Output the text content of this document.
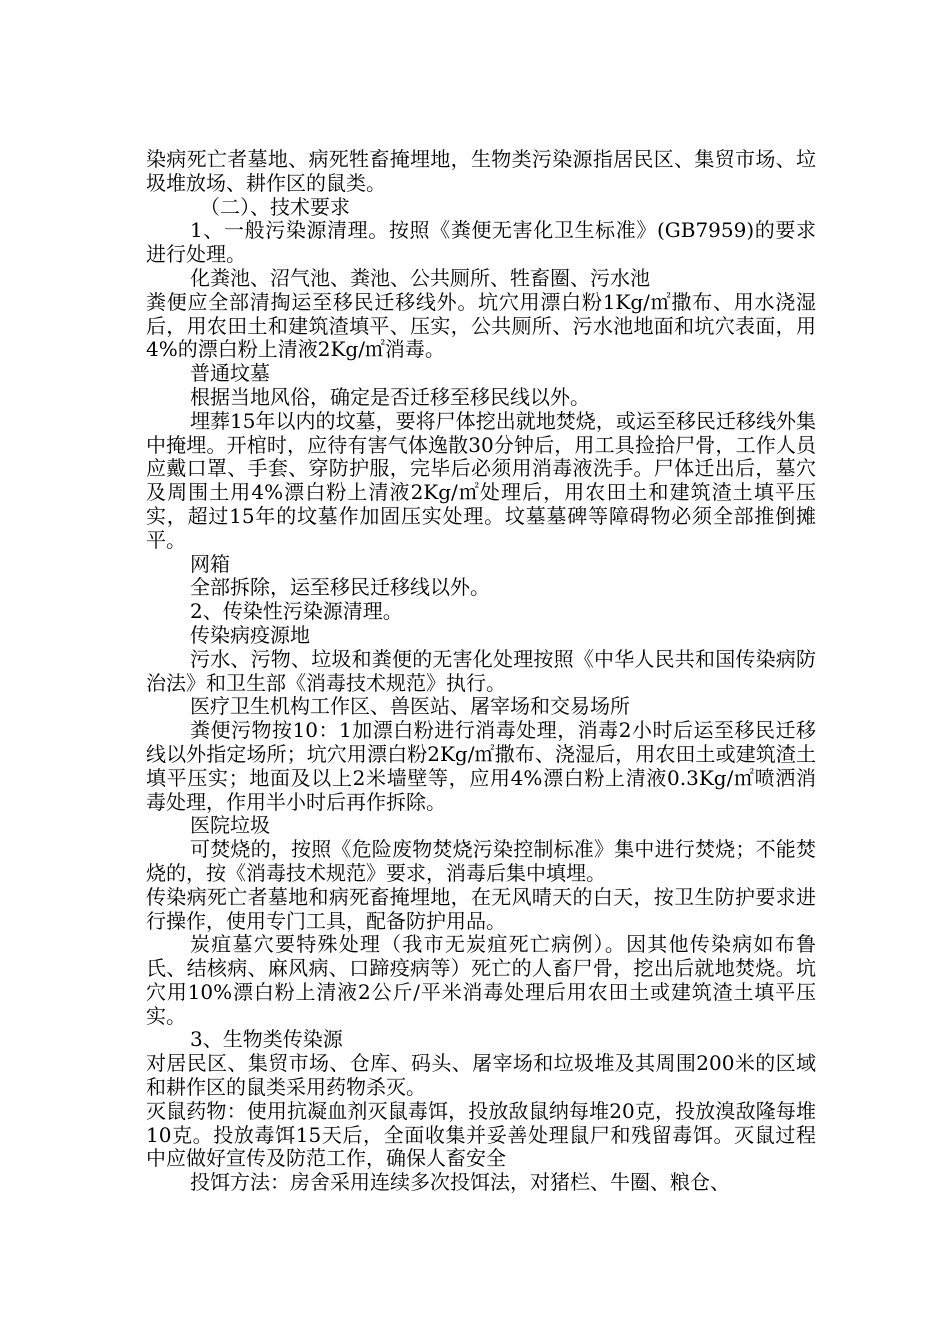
染病死亡者墓地、病死牲畜掩埋地，生物类污染源指居民区、集贸市场、垃圾堆放场、耕作区的鼠类。

（二）、技术要求

1、一般污染源清理。按照《粪便无害化卫生标准》(GB7959)的要求进行处理。

化粪池、沼气池、粪池、公共厕所、牲畜圈、污水池

粪便应全部清掏运至移民迁移线外。坑穴用漂白粉1Kg/㎡撒布、用水浇湿后，用农田土和建筑渣填平、压实，公共厕所、污水池地面和坑穴表面，用4%的漂白粉上清液2Kg/㎡消毒。

普通坟墓

根据当地风俗，确定是否迁移至移民线以外。

埋葬15年以内的坟墓，要将尸体挖出就地焚烧，或运至移民迁移线外集中掩埋。开棺时，应待有害气体逸散30分钟后，用工具捡拾尸骨，工作人员应戴口罩、手套、穿防护服，完毕后必须用消毒液洗手。尸体迁出后，墓穴及周围土用4%漂白粉上清液2Kg/㎡处理后，用农田土和建筑渣土填平压实，超过15年的坟墓作加固压实处理。坟墓墓碑等障碍物必须全部推倒摊平。

网箱

全部拆除，运至移民迁移线以外。

2、传染性污染源清理。

传染病疫源地

污水、污物、垃圾和粪便的无害化处理按照《中华人民共和国传染病防治法》和卫生部《消毒技术规范》执行。

医疗卫生机构工作区、兽医站、屠宰场和交易场所

粪便污物按10：1加漂白粉进行消毒处理，消毒2小时后运至移民迁移线以外指定场所；坑穴用漂白粉2Kg/㎡撒布、浇湿后，用农田土或建筑渣土填平压实；地面及以上2米墙壁等，应用4%漂白粉上清液0.3Kg/㎡喷洒消毒处理，作用半小时后再作拆除。

医院垃圾

可焚烧的，按照《危险废物焚烧污染控制标准》集中进行焚烧；不能焚烧的，按《消毒技术规范》要求，消毒后集中填埋。

传染病死亡者墓地和病死畜掩埋地，在无风晴天的白天，按卫生防护要求进行操作，使用专门工具，配备防护用品。

炭疽墓穴要特殊处理（我市无炭疽死亡病例）。因其他传染病如布鲁氏、结核病、麻风病、口蹄疫病等）死亡的人畜尸骨，挖出后就地焚烧。坑穴用10%漂白粉上清液2公斤/平米消毒处理后用农田土或建筑渣土填平压实。

3、生物类传染源

对居民区、集贸市场、仓库、码头、屠宰场和垃圾堆及其周围200米的区域和耕作区的鼠类采用药物杀灭。

灭鼠药物：使用抗凝血剂灭鼠毒饵，投放敌鼠纳每堆20克，投放溴敌隆每堆10克。投放毒饵15天后，全面收集并妥善处理鼠尸和残留毒饵。灭鼠过程中应做好宣传及防范工作，确保人畜安全

投饵方法：房舍采用连续多次投饵法，对猪栏、牛圈、粮仓、
